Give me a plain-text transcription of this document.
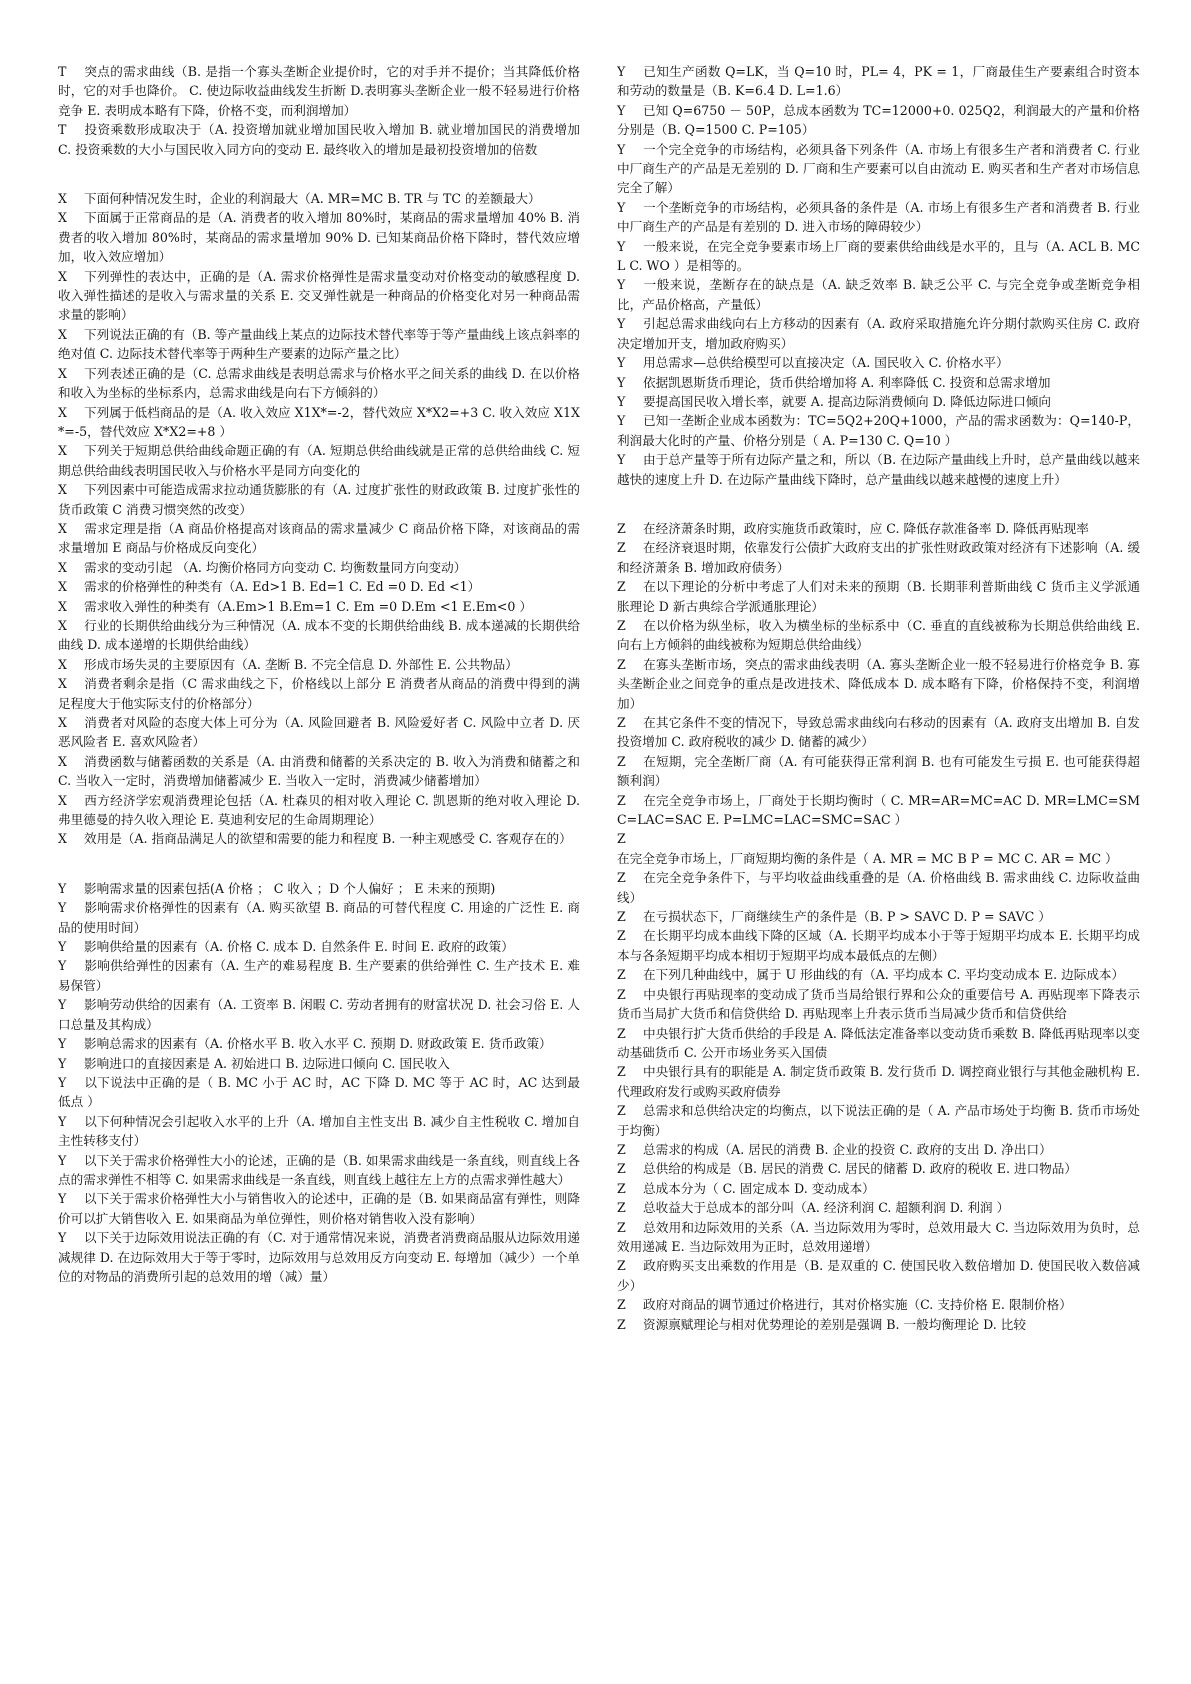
T 突点的需求曲线（B. 是指一个寡头垄断企业提价时，它的对手并不提价；当其降低价格时，它的对手也降价。 C. 使边际收益曲线发生折断 D.表明寡头垄断企业一般不轻易进行价格竞争 E. 表明成本略有下降，价格不变，而利润增加）

T 投资乘数形成取决于（A. 投资增加就业增加国民收入增加 B. 就业增加国民的消费增加 C. 投资乘数的大小与国民收入同方向的变动 E. 最终收入的增加是最初投资增加的倍数

X 下面何种情况发生时，企业的利润最大（A. MR=MC B. TR 与 TC 的差额最大）

X 下面属于正常商品的是（A. 消费者的收入增加 80%时，某商品的需求量增加 40% B. 消费者的收入增加 80%时，某商品的需求量增加 90% D. 已知某商品价格下降时，替代效应增加，收入效应增加）

X 下列弹性的表达中，正确的是（A. 需求价格弹性是需求量变动对价格变动的敏感程度 D. 收入弹性描述的是收入与需求量的关系 E. 交叉弹性就是一种商品的价格变化对另一种商品需求量的影响）

X 下列说法正确的有（B. 等产量曲线上某点的边际技术替代率等于等产量曲线上该点斜率的绝对值 C. 边际技术替代率等于两种生产要素的边际产量之比）

X 下列表述正确的是（C. 总需求曲线是表明总需求与价格水平之间关系的曲线 D. 在以价格和收入为坐标的坐标系内，总需求曲线是向右下方倾斜的）

X 下列属于低档商品的是（A. 收入效应 X1X*=-2，替代效应 X*X2=+3 C. 收入效应 X1X*=-5，替代效应 X*X2=+8 ）

X 下列关于短期总供给曲线命题正确的有（A. 短期总供给曲线就是正常的总供给曲线 C. 短期总供给曲线表明国民收入与价格水平是同方向变化的

X 下列因素中可能造成需求拉动通货膨胀的有（A. 过度扩张性的财政政策 B. 过度扩张性的货币政策 C 消费习惯突然的改变）

X 需求定理是指（A 商品价格提高对该商品的需求量减少 C 商品价格下降，对该商品的需求量增加 E 商品与价格成反向变化）

X 需求的变动引起 （A. 均衡价格同方向变动 C. 均衡数量同方向变动）

X 需求的价格弹性的种类有（A. Ed>1 B. Ed=1 C. Ed =0 D. Ed <1）

X 需求收入弹性的种类有（A.Em>1 B.Em=1 C. Em =0 D.Em <1 E.Em<0 ）

X 行业的长期供给曲线分为三种情况（A. 成本不变的长期供给曲线 B. 成本递减的长期供给曲线 D. 成本递增的长期供给曲线）

X 形成市场失灵的主要原因有（A. 垄断 B. 不完全信息 D. 外部性 E. 公共物品）

X 消费者剩余是指（C 需求曲线之下，价格线以上部分 E 消费者从商品的消费中得到的满足程度大于他实际支付的价格部分）

X 消费者对风险的态度大体上可分为（A. 风险回避者 B. 风险爱好者 C. 风险中立者 D. 厌恶风险者 E. 喜欢风险者）

X 消费函数与储蓄函数的关系是（A. 由消费和储蓄的关系决定的 B. 收入为消费和储蓄之和 C. 当收入一定时，消费增加储蓄减少 E. 当收入一定时，消费减少储蓄增加）

X 西方经济学宏观消费理论包括（A. 杜森贝的相对收入理论 C. 凯恩斯的绝对收入理论 D. 弗里德曼的持久收入理论 E. 莫迪利安尼的生命周期理论）

X 效用是（A. 指商品满足人的欲望和需要的能力和程度 B. 一种主观感受 C. 客观存在的）

Y 影响需求量的因素包括(A 价格 ； C 收入 ；D 个人偏好 ； E 未来的预期)

Y 影响需求价格弹性的因素有（A. 购买欲望 B. 商品的可替代程度 C. 用途的广泛性 E. 商品的使用时间）

Y 影响供给量的因素有（A. 价格 C. 成本 D. 自然条件 E. 时间 E. 政府的政策）

Y 影响供给弹性的因素有（A. 生产的难易程度 B. 生产要素的供给弹性 C. 生产技术 E. 难易保管）

Y 影响劳动供给的因素有（A. 工资率 B. 闲暇 C. 劳动者拥有的财富状况 D. 社会习俗 E. 人口总量及其构成）

Y 影响总需求的因素有（A. 价格水平 B. 收入水平 C. 预期 D. 财政政策 E. 货币政策）

Y 影响进口的直接因素是 A. 初始进口 B. 边际进口倾向 C. 国民收入

Y 以下说法中正确的是（ B. MC 小于 AC 时，AC 下降 D. MC 等于 AC 时，AC 达到最低点 ）

Y 以下何种情况会引起收入水平的上升（A. 增加自主性支出 B. 减少自主性税收 C. 增加自主性转移支付）

Y 以下关于需求价格弹性大小的论述，正确的是（B. 如果需求曲线是一条直线，则直线上各点的需求弹性不相等 C. 如果需求曲线是一条直线，则直线上越往左上方的点需求弹性越大）

Y 以下关于需求价格弹性大小与销售收入的论述中，正确的是（B. 如果商品富有弹性，则降价可以扩大销售收入 E. 如果商品为单位弹性，则价格对销售收入没有影响）

Y 以下关于边际效用说法正确的有（C. 对于通常情况来说，消费者消费商品服从边际效用递减规律 D. 在边际效用大于等于零时，边际效用与总效用反方向变动 E. 每增加（减少）一个单位的对物品的消费所引起的总效用的增（减）量）

Y 已知生产函数 Q=LK，当 Q=10 时，PL= 4，PK = 1，厂商最佳生产要素组合时资本和劳动的数量是（B. K=6.4 D. L=1.6）

Y 已知 Q=6750 － 50P，总成本函数为 TC=12000+0. 025Q2，利润最大的产量和价格分别是（B. Q=1500 C. P=105）

Y 一个完全竞争的市场结构，必须具备下列条件（A. 市场上有很多生产者和消费者 C. 行业中厂商生产的产品是无差别的 D. 厂商和生产要素可以自由流动 E. 购买者和生产者对市场信息完全了解）

Y 一个垄断竞争的市场结构，必须具备的条件是（A. 市场上有很多生产者和消费者 B. 行业中厂商生产的产品是有差别的 D. 进入市场的障碍较少）

Y 一般来说，在完全竞争要素市场上厂商的要素供给曲线是水平的，且与（A. ACL B. MCL C. WO ）是相等的。

Y 一般来说，垄断存在的缺点是（A. 缺乏效率 B. 缺乏公平 C. 与完全竞争或垄断竞争相比，产品价格高，产量低）

Y 引起总需求曲线向右上方移动的因素有（A. 政府采取措施允许分期付款购买住房 C. 政府决定增加开支，增加政府购买）

Y 用总需求—总供给模型可以直接决定（A. 国民收入 C. 价格水平）

Y 依据凯恩斯货币理论，货币供给增加将 A. 利率降低 C. 投资和总需求增加

Y 要提高国民收入增长率，就要 A. 提高边际消费倾向 D. 降低边际进口倾向

Y 已知一垄断企业成本函数为：TC=5Q2+20Q+1000，产品的需求函数为：Q=140-P，利润最大化时的产量、价格分别是（ A. P=130 C. Q=10 ）

Y 由于总产量等于所有边际产量之和，所以（B. 在边际产量曲线上升时，总产量曲线以越来越快的速度上升 D. 在边际产量曲线下降时，总产量曲线以越来越慢的速度上升）

Z 在经济萧条时期，政府实施货币政策时，应 C. 降低存款准备率 D. 降低再贴现率

Z 在经济衰退时期，依靠发行公债扩大政府支出的扩张性财政政策对经济有下述影响（A. 缓和经济萧条 B. 增加政府债务）

Z 在以下理论的分析中考虑了人们对未来的预期（B. 长期菲利普斯曲线 C 货币主义学派通胀理论 D 新古典综合学派通胀理论）

Z 在以价格为纵坐标，收入为横坐标的坐标系中（C. 垂直的直线被称为长期总供给曲线 E. 向右上方倾斜的曲线被称为短期总供给曲线）

Z 在寡头垄断市场，突点的需求曲线表明（A. 寡头垄断企业一般不轻易进行价格竞争 B. 寡头垄断企业之间竞争的重点是改进技术、降低成本 D. 成本略有下降，价格保持不变，利润增加）

Z 在其它条件不变的情况下，导致总需求曲线向右移动的因素有（A. 政府支出增加 B. 自发投资增加 C. 政府税收的减少 D. 储蓄的减少）

Z 在短期，完全垄断厂商（A. 有可能获得正常利润 B. 也有可能发生亏损 E. 也可能获得超额利润）

Z 在完全竞争市场上，厂商处于长期均衡时（ C. MR=AR=MC=AC D. MR=LMC=SMC=LAC=SAC E. P=LMC=LAC=SMC=SAC ）

Z在完全竞争市场上，厂商短期均衡的条件是（ A. MR = MC B P = MC C. AR = MC ）

Z 在完全竞争条件下，与平均收益曲线重叠的是（A. 价格曲线 B. 需求曲线 C. 边际收益曲线）

Z 在亏损状态下，厂商继续生产的条件是（B. P > SAVC D. P = SAVC ）

Z 在长期平均成本曲线下降的区域（A. 长期平均成本小于等于短期平均成本 E. 长期平均成本与各条短期平均成本相切于短期平均成本最低点的左侧）

Z 在下列几种曲线中，属于 U 形曲线的有（A. 平均成本 C. 平均变动成本 E. 边际成本）

Z 中央银行再贴现率的变动成了货币当局给银行界和公众的重要信号 A. 再贴现率下降表示货币当局扩大货币和信贷供给 D. 再贴现率上升表示货币当局减少货币和信贷供给

Z 中央银行扩大货币供给的手段是 A. 降低法定准备率以变动货币乘数 B. 降低再贴现率以变动基础货币 C. 公开市场业务买入国债

Z 中央银行具有的职能是 A. 制定货币政策 B. 发行货币 D. 调控商业银行与其他金融机构 E. 代理政府发行或购买政府债券

Z 总需求和总供给决定的均衡点，以下说法正确的是（ A. 产品市场处于均衡 B. 货币市场处于均衡）

Z 总需求的构成（A. 居民的消费 B. 企业的投资 C. 政府的支出 D. 净出口）

Z 总供给的构成是（B. 居民的消费 C. 居民的储蓄 D. 政府的税收 E. 进口物品）

Z 总成本分为（ C. 固定成本 D. 变动成本）

Z 总收益大于总成本的部分叫（A. 经济利润 C. 超额利润 D. 利润 ）

Z 总效用和边际效用的关系（A. 当边际效用为零时，总效用最大 C. 当边际效用为负时，总效用递减 E. 当边际效用为正时，总效用递增）

Z 政府购买支出乘数的作用是（B. 是双重的 C. 使国民收入数倍增加 D. 使国民收入数倍减少）

Z 政府对商品的调节通过价格进行，其对价格实施（C. 支持价格 E. 限制价格）

Z 资源禀赋理论与相对优势理论的差别是强调 B. 一般均衡理论 D. 比较
